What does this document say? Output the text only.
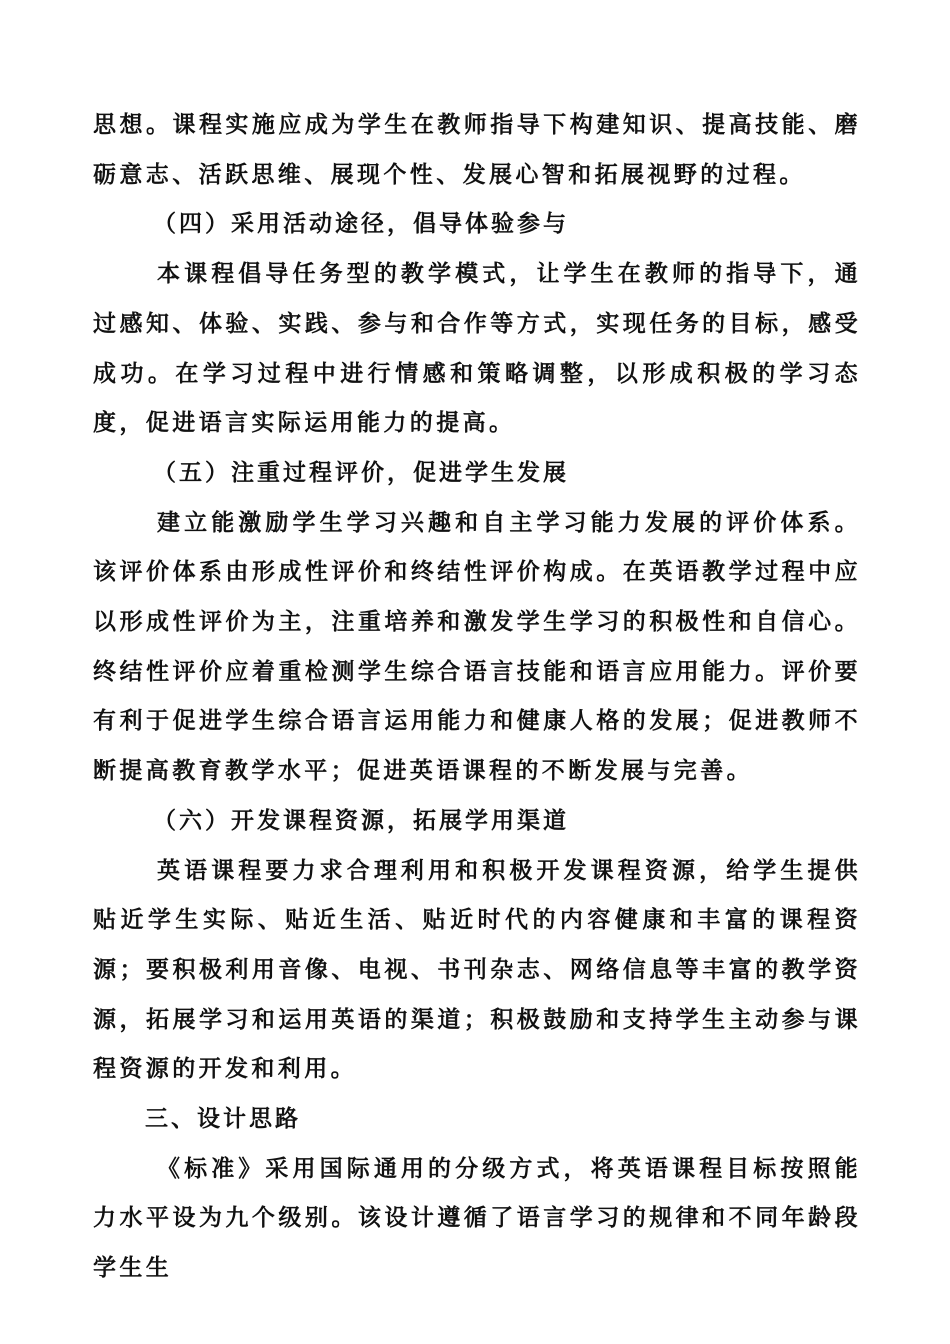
思想。课程实施应成为学生在教师指导下构建知识、提高技能、磨砺意志、活跃思维、展现个性、发展心智和拓展视野的过程。

（四）采用活动途径，倡导体验参与

本课程倡导任务型的教学模式，让学生在教师的指导下，通过感知、体验、实践、参与和合作等方式，实现任务的目标，感受成功。在学习过程中进行情感和策略调整，以形成积极的学习态度，促进语言实际运用能力的提高。

（五）注重过程评价，促进学生发展

建立能激励学生学习兴趣和自主学习能力发展的评价体系。该评价体系由形成性评价和终结性评价构成。在英语教学过程中应以形成性评价为主，注重培养和激发学生学习的积极性和自信心。终结性评价应着重检测学生综合语言技能和语言应用能力。评价要有利于促进学生综合语言运用能力和健康人格的发展；促进教师不断提高教育教学水平；促进英语课程的不断发展与完善。

（六）开发课程资源，拓展学用渠道

英语课程要力求合理利用和积极开发课程资源，给学生提供贴近学生实际、贴近生活、贴近时代的内容健康和丰富的课程资源；要积极利用音像、电视、书刊杂志、网络信息等丰富的教学资源，拓展学习和运用英语的渠道；积极鼓励和支持学生主动参与课程资源的开发和利用。

三、设计思路

《标准》采用国际通用的分级方式，将英语课程目标按照能力水平设为九个级别。该设计遵循了语言学习的规律和不同年龄段学生生
